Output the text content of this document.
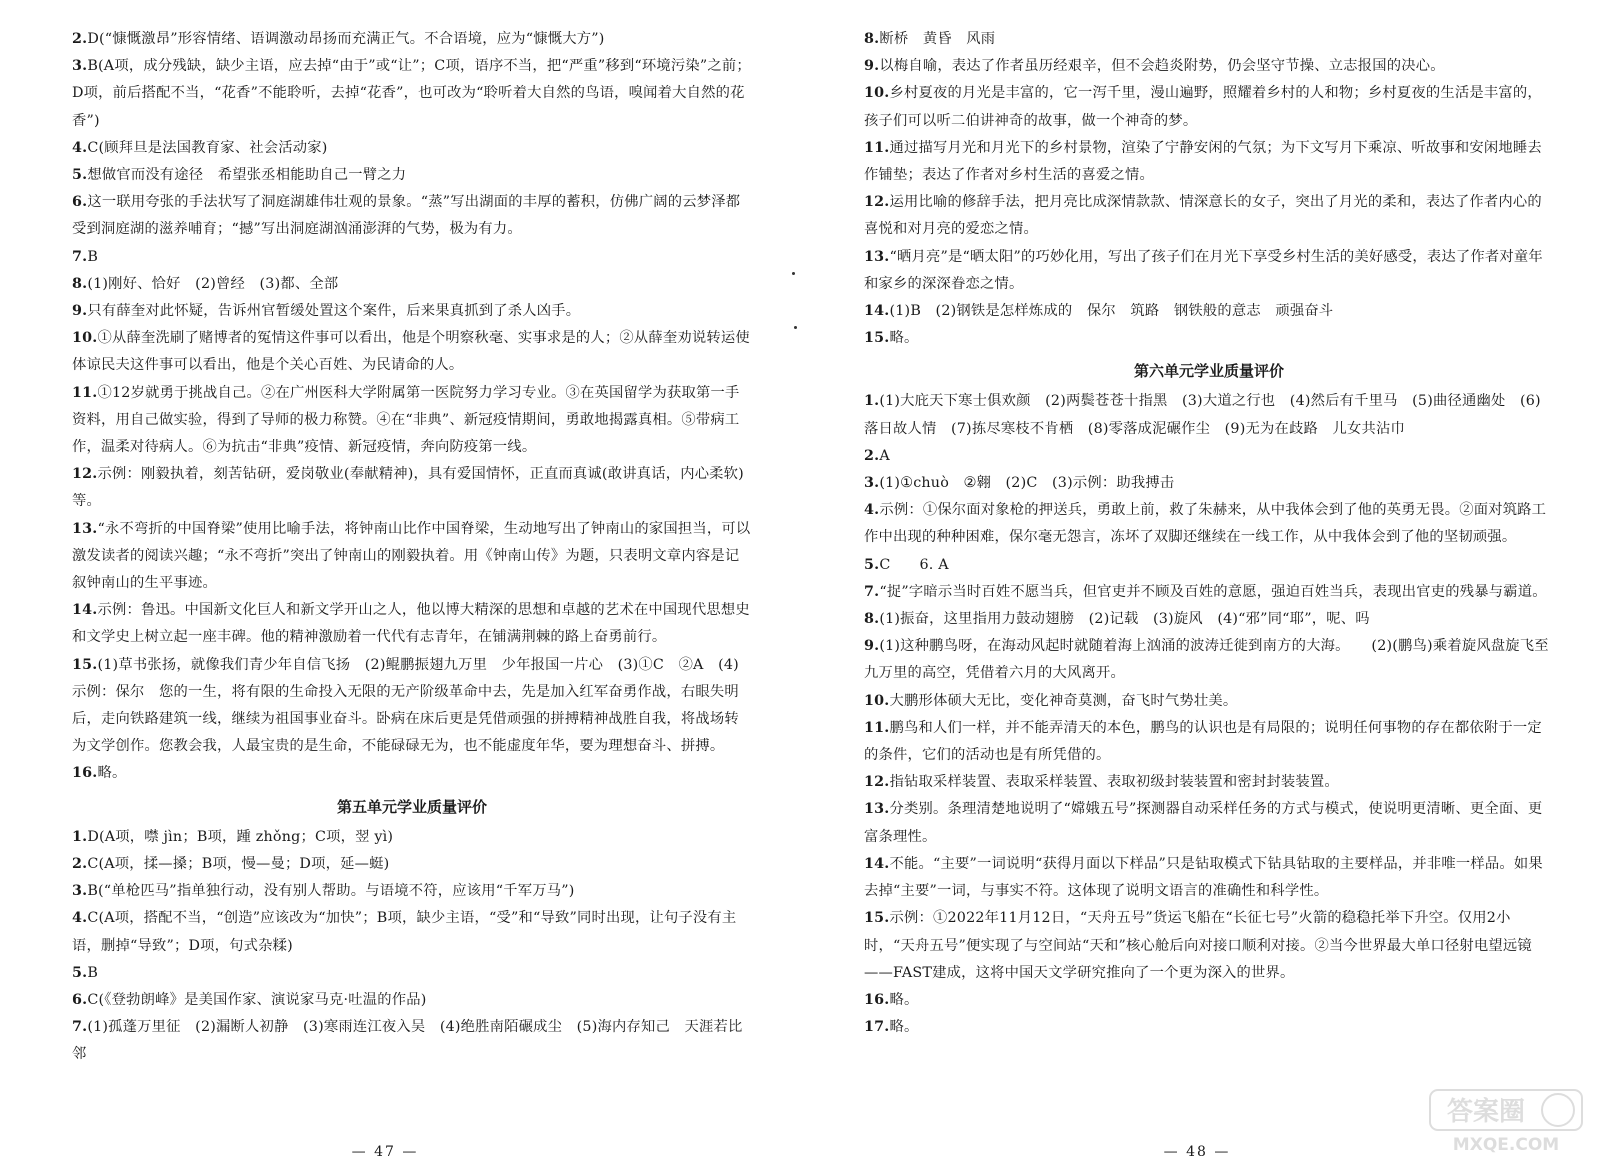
2.D(“慷慨激昂”形容情绪、语调激动昂扬而充满正气。不合语境，应为“慷慨大方”)

3.B(A项，成分残缺，缺少主语，应去掉“由于”或“让”；C项，语序不当，把“严重”移到“环境污染”之前；D项，前后搭配不当，“花香”不能聆听，去掉“花香”，也可改为“聆听着大自然的鸟语，嗅闻着大自然的花香”)

4.C(顾拜旦是法国教育家、社会活动家)

5.想做官而没有途径　希望张丞相能助自己一臂之力

6.这一联用夸张的手法状写了洞庭湖雄伟壮观的景象。“蒸”写出湖面的丰厚的蓄积，仿佛广阔的云梦泽都受到洞庭湖的滋养哺育；“撼”写出洞庭湖汹涌澎湃的气势，极为有力。

7.B

8.(1)刚好、恰好　(2)曾经　(3)都、全部

9.只有薛奎对此怀疑，告诉州官暂缓处置这个案件，后来果真抓到了杀人凶手。

10.①从薛奎洗刷了赌博者的冤情这件事可以看出，他是个明察秋毫、实事求是的人；②从薛奎劝说转运使体谅民夫这件事可以看出，他是个关心百姓、为民请命的人。

11.①12岁就勇于挑战自己。②在广州医科大学附属第一医院努力学习专业。③在英国留学为获取第一手资料，用自己做实验，得到了导师的极力称赞。④在“非典”、新冠疫情期间，勇敢地揭露真相。⑤带病工作，温柔对待病人。⑥为抗击“非典”疫情、新冠疫情，奔向防疫第一线。

12.示例：刚毅执着，刻苦钻研，爱岗敬业(奉献精神)，具有爱国情怀，正直而真诚(敢讲真话，内心柔软)等。

13.“永不弯折的中国脊梁”使用比喻手法，将钟南山比作中国脊梁，生动地写出了钟南山的家国担当，可以激发读者的阅读兴趣；“永不弯折”突出了钟南山的刚毅执着。用《钟南山传》为题，只表明文章内容是记叙钟南山的生平事迹。

14.示例：鲁迅。中国新文化巨人和新文学开山之人，他以博大精深的思想和卓越的艺术在中国现代思想史和文学史上树立起一座丰碑。他的精神激励着一代代有志青年，在铺满荆棘的路上奋勇前行。

15.(1)草书张扬，就像我们青少年自信飞扬　(2)鲲鹏振翅九万里　少年报国一片心　(3)①C　②A　(4)示例：保尔　您的一生，将有限的生命投入无限的无产阶级革命中去，先是加入红军奋勇作战，右眼失明后，走向铁路建筑一线，继续为祖国事业奋斗。卧病在床后更是凭借顽强的拼搏精神战胜自我，将战场转为文学创作。您教会我，人最宝贵的是生命，不能碌碌无为，也不能虚度年华，要为理想奋斗、拼搏。

16.略。

第五单元学业质量评价

1.D(A项，噤 jìn；B项，踵 zhǒng；C项，翌 yì)

2.C(A项，揉—搡；B项，慢—曼；D项，延—蜓)

3.B(“单枪匹马”指单独行动，没有别人帮助。与语境不符，应该用“千军万马”)

4.C(A项，搭配不当，“创造”应该改为“加快”；B项，缺少主语，“受”和“导致”同时出现，让句子没有主语，删掉“导致”；D项，句式杂糅)

5.B

6.C(《登勃朗峰》是美国作家、演说家马克·吐温的作品)

7.(1)孤蓬万里征　(2)漏断人初静　(3)寒雨连江夜入吴　(4)绝胜南陌碾成尘　(5)海内存知己　天涯若比邻

— 47 —

8.断桥　黄昏　风雨

9.以梅自喻，表达了作者虽历经艰辛，但不会趋炎附势，仍会坚守节操、立志报国的决心。

10.乡村夏夜的月光是丰富的，它一泻千里，漫山遍野，照耀着乡村的人和物；乡村夏夜的生活是丰富的，孩子们可以听二伯讲神奇的故事，做一个神奇的梦。

11.通过描写月光和月光下的乡村景物，渲染了宁静安闲的气氛；为下文写月下乘凉、听故事和安闲地睡去作铺垫；表达了作者对乡村生活的喜爱之情。

12.运用比喻的修辞手法，把月亮比成深情款款、情深意长的女子，突出了月光的柔和，表达了作者内心的喜悦和对月亮的爱恋之情。

13.“晒月亮”是“晒太阳”的巧妙化用，写出了孩子们在月光下享受乡村生活的美好感受，表达了作者对童年和家乡的深深眷恋之情。

14.(1)B　(2)钢铁是怎样炼成的　保尔　筑路　钢铁般的意志　顽强奋斗

15.略。

第六单元学业质量评价

1.(1)大庇天下寒士俱欢颜　(2)两鬓苍苍十指黑　(3)大道之行也　(4)然后有千里马　(5)曲径通幽处　(6)落日故人情　(7)拣尽寒枝不肯栖　(8)零落成泥碾作尘　(9)无为在歧路　儿女共沾巾

2.A

3.(1)①chuò　②翱　(2)C　(3)示例：助我搏击

4.示例：①保尔面对象枪的押送兵，勇敢上前，救了朱赫来，从中我体会到了他的英勇无畏。②面对筑路工作中出现的种种困难，保尔毫无怨言，冻坏了双脚还继续在一线工作，从中我体会到了他的坚韧顽强。

5.C　　6. A

7.“捉”字暗示当时百姓不愿当兵，但官吏并不顾及百姓的意愿，强迫百姓当兵，表现出官吏的残暴与霸道。

8.(1)振奋，这里指用力鼓动翅膀　(2)记载　(3)旋风　(4)“邪”同“耶”，呢、吗

9.(1)这种鹏鸟呀，在海动风起时就随着海上汹涌的波涛迁徙到南方的大海。　　(2)(鹏鸟)乘着旋风盘旋飞至九万里的高空，凭借着六月的大风离开。

10.大鹏形体硕大无比，变化神奇莫测，奋飞时气势壮美。

11.鹏鸟和人们一样，并不能弄清天的本色，鹏鸟的认识也是有局限的；说明任何事物的存在都依附于一定的条件，它们的活动也是有所凭借的。

12.指钻取采样装置、表取采样装置、表取初级封装装置和密封封装装置。

13.分类别。条理清楚地说明了“嫦娥五号”探测器自动采样任务的方式与模式，使说明更清晰、更全面、更富条理性。

14.不能。“主要”一词说明“获得月面以下样品”只是钻取模式下钻具钻取的主要样品，并非唯一样品。如果去掉“主要”一词，与事实不符。这体现了说明文语言的准确性和科学性。

15.示例：①2022年11月12日，“天舟五号”货运飞船在“长征七号”火箭的稳稳托举下升空。仅用2小时，“天舟五号”便实现了与空间站“天和”核心舱后向对接口顺利对接。②当今世界最大单口径射电望远镜——FAST建成，这将中国天文学研究推向了一个更为深入的世界。

16.略。

17.略。

— 48 —
答案圈
MXQE.COM
